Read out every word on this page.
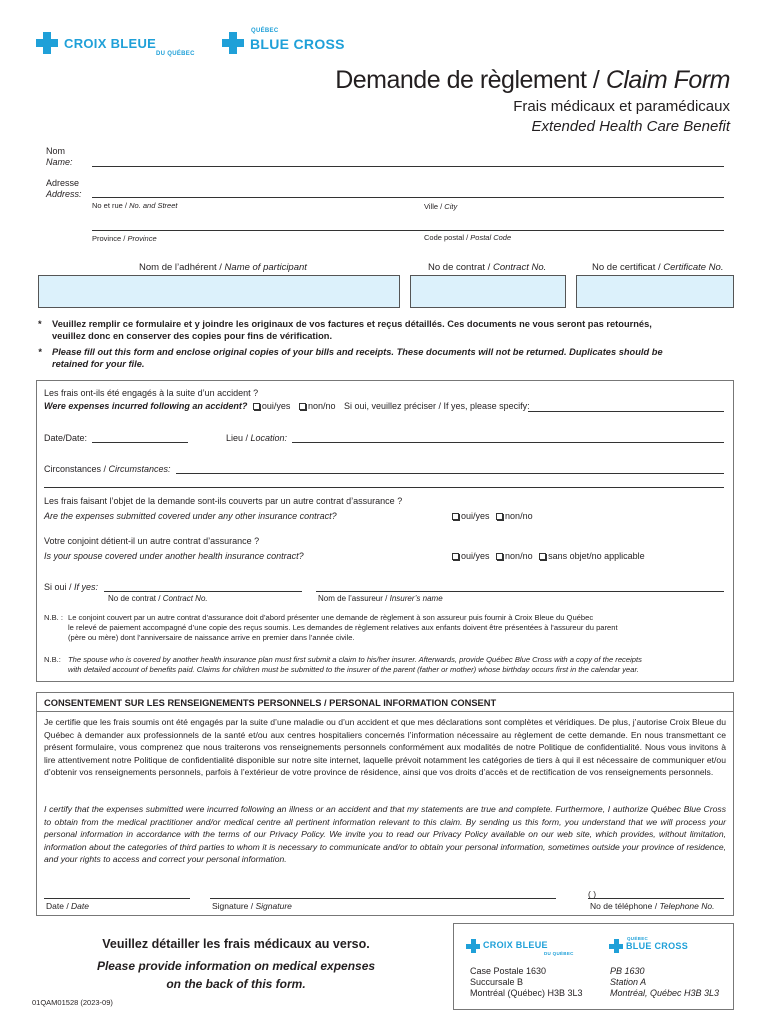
CROIX BLEUE
DU QUÉBEC
QUÉBEC
BLUE CROSS
Demande de règlement / Claim Form
Frais médicaux et paramédicaux
Extended Health Care Benefit
Nom
Name:
Adresse
Address:
No et rue / No. and Street	Ville / City
Province / Province	Code postal / Postal Code
Nom de l’adhérent / Name of participant	No de contrat / Contract No.	No de certificat / Certificate No.
* Veuillez remplir ce formulaire et y joindre les originaux de vos factures et reçus détaillés. Ces documents ne vous seront pas retournés,
veuillez donc en conserver des copies pour fins de vérification.
* Please fill out this form and enclose original copies of your bills and receipts. These documents will not be returned. Duplicates should be
retained for your file.
Les frais ont-ils été engagés à la suite d’un accident ?
Were expenses incurred following an accident? oui/yes non/no Si oui, veuillez préciser / If yes, please specify:
Date/Date:	Lieu / Location:
Circonstances / Circumstances:
Les frais faisant l’objet de la demande sont-ils couverts par un autre contrat d’assurance ?
Are the expenses submitted covered under any other insurance contract?	oui/yes non/no
Votre conjoint détient-il un autre contrat d’assurance ?
Is your spouse covered under another health insurance contract?	oui/yes non/no sans objet/no applicable
Si oui / If yes:
No de contrat / Contract No.	Nom de l’assureur / Insurer’s name
N.B. : Le conjoint couvert par un autre contrat d’assurance doit d’abord présenter une demande de règlement à son assureur puis fournir à Croix Bleue du Québec
le relevé de paiement accompagné d’une copie des reçus soumis. Les demandes de règlement relatives aux enfants doivent être présentées à l’assureur du parent
(père ou mère) dont l’anniversaire de naissance arrive en premier dans l’année civile.
N.B.: The spouse who is covered by another health insurance plan must first submit a claim to his/her insurer. Afterwards, provide Québec Blue Cross with a copy of the receipts
with detailed account of benefits paid. Claims for children must be submitted to the insurer of the parent (father or mother) whose birthday occurs first in the calendar year.
CONSENTEMENT SUR LES RENSEIGNEMENTS PERSONNELS / PERSONAL INFORMATION CONSENT
Je certifie que les frais soumis ont été engagés par la suite d’une maladie ou d’un accident et que mes déclarations sont complètes et véridiques. De plus, j’autorise Croix Bleue du Québec à demander aux professionnels de la santé et/ou aux centres hospitaliers concernés l’information nécessaire au règlement de cette demande. En nous transmettant ce présent formulaire, vous comprenez que nous traiterons vos renseignements personnels conformément aux modalités de notre Politique de confidentialité. Nous vous invitons à lire attentivement notre Politique de confidentialité disponible sur notre site internet, laquelle prévoit notamment les catégories de tiers à qui il est nécessaire de communiquer et/ou d’obtenir vos renseignements personnels, parfois à l’extérieur de votre province de résidence, ainsi que vos droits d’accès et de rectification de vos renseignements personnels.
I certify that the expenses submitted were incurred following an illness or an accident and that my statements are true and complete. Furthermore, I authorize Québec Blue Cross to obtain from the medical practitioner and/or medical centre all pertinent information relevant to this claim. By sending us this form, you understand that we will process your personal information in accordance with the terms of our Privacy Policy. We invite you to read our Privacy Policy available on our web site, which provides, without limitation, information about the categories of third parties to whom it is necessary to communicate and/or to obtain your personal information, sometimes outside your province of residence, and your rights to access and correct your personal information.
Date / Date	Signature / Signature
( )
No de téléphone / Telephone No.
Veuillez détailler les frais médicaux au verso.
Please provide information on medical expenses
on the back of this form.
01QAM01528 (2023-09)
CROIX BLEUE
DU QUÉBEC
QUÉBEC
BLUE CROSS
Case Postale 1630
Succursale B
Montréal (Québec) H3B 3L3
PB 1630
Station A
Montréal, Québec H3B 3L3
